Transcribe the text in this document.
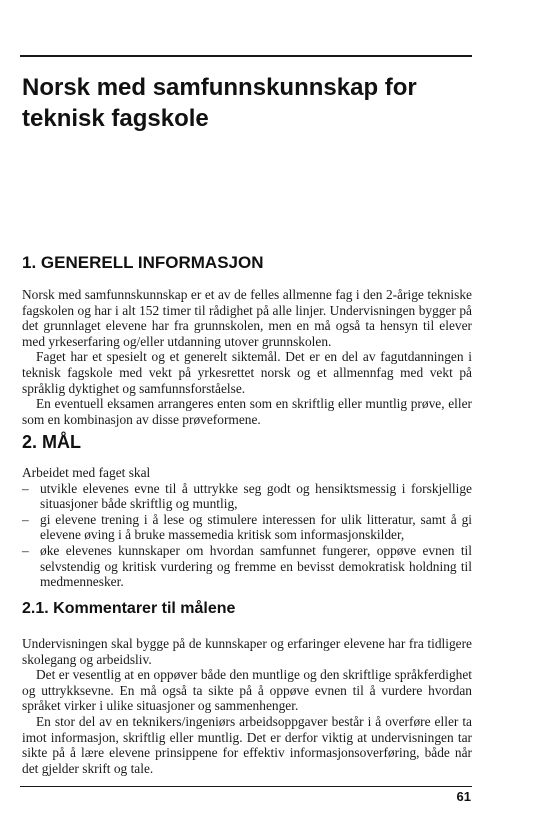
Norsk med samfunnskunnskap for teknisk fagskole
1. GENERELL INFORMASJON

Norsk med samfunnskunnskap er et av de felles allmenne fag i den 2-årige tekniske fagskolen og har i alt 152 timer til rådighet på alle linjer. Undervisningen bygger på det grunnlaget elevene har fra grunnskolen, men en må også ta hensyn til elever med yrkeserfaring og/eller utdanning utover grunnskolen.

Faget har et spesielt og et generelt siktemål. Det er en del av fagutdanningen i teknisk fagskole med vekt på yrkesrettet norsk og et allmennfag med vekt på språklig dyktighet og samfunnsforståelse.

En eventuell eksamen arrangeres enten som en skriftlig eller muntlig prøve, eller som en kombinasjon av disse prøveformene.

2. MÅL

Arbeidet med faget skal

– utvikle elevenes evne til å uttrykke seg godt og hensiktsmessig i forskjellige situasjoner både skriftlig og muntlig,
– gi elevene trening i å lese og stimulere interessen for ulik litteratur, samt å gi elevene øving i å bruke massemedia kritisk som informasjonskilder,
– øke elevenes kunnskaper om hvordan samfunnet fungerer, oppøve evnen til selvstendig og kritisk vurdering og fremme en bevisst demokratisk holdning til medmennesker.
2.1. Kommentarer til målene

Undervisningen skal bygge på de kunnskaper og erfaringer elevene har fra tidligere skolegang og arbeidsliv.

Det er vesentlig at en oppøver både den muntlige og den skriftlige språkferdighet og uttrykksevne. En må også ta sikte på å oppøve evnen til å vurdere hvordan språket virker i ulike situasjoner og sammenhenger.

En stor del av en teknikers/ingeniørs arbeidsoppgaver består i å overføre eller ta imot informasjon, skriftlig eller muntlig. Det er derfor viktig at undervisningen tar sikte på å lære elevene prinsippene for effektiv informasjonsoverføring, både når det gjelder skrift og tale.

61
